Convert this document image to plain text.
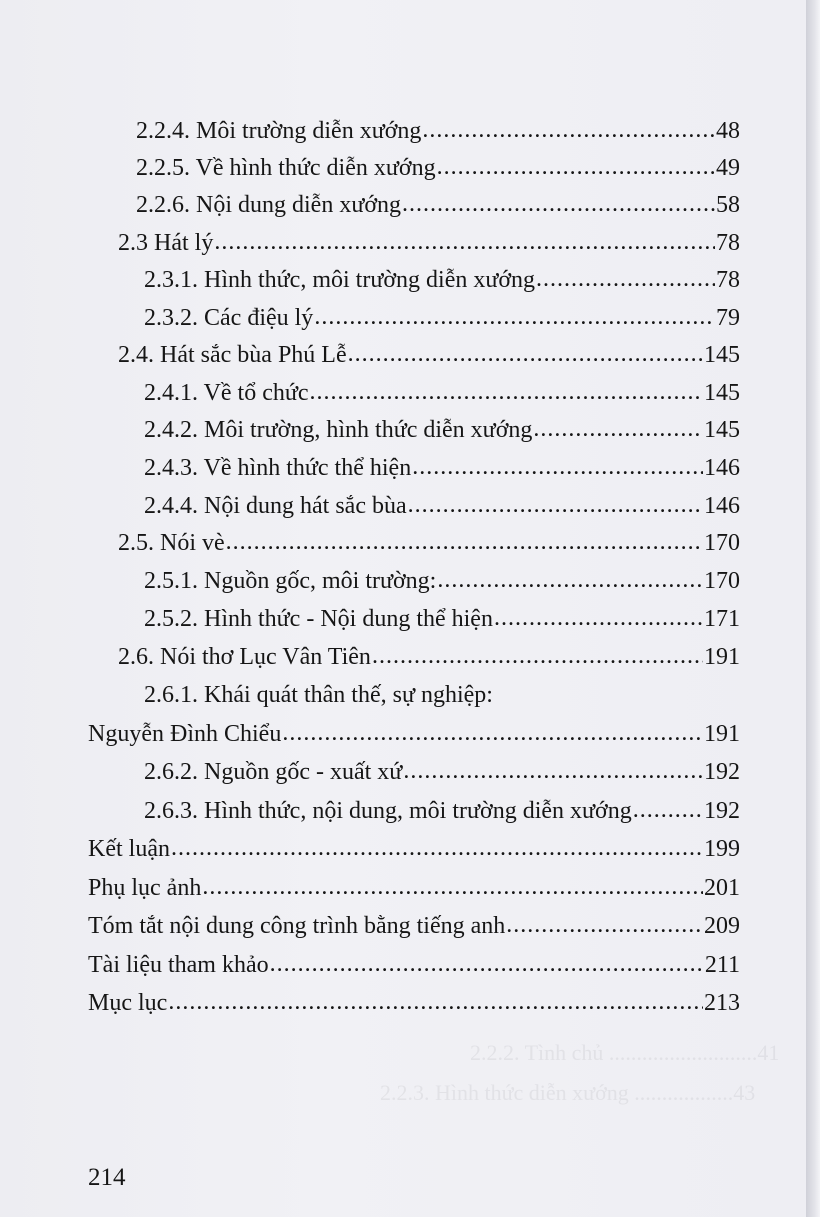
2.2.2. Tình chủ ...........................41
2.2.3. Hình thức diễn xướng ..................43
2.2.4. Môi trường diễn xướng .....	48
2.2.5. Về hình thức diễn xướng .....	49
2.2.6. Nội dung diễn xướng .....	58
2.3 Hát lý .....	78
2.3.1. Hình thức, môi trường diễn xướng .....	78
2.3.2. Các điệu lý .....	79
2.4. Hát sắc bùa Phú Lễ .....	145
2.4.1. Về tổ chức .....	145
2.4.2. Môi trường, hình thức diễn xướng .....	145
2.4.3. Về hình thức thể hiện .....	146
2.4.4. Nội dung hát sắc bùa .....	146
2.5. Nói vè .....	170
2.5.1. Nguồn gốc, môi trường: .....	170
2.5.2. Hình thức - Nội dung thể hiện .....	171
2.6. Nói thơ Lục Vân Tiên .....	191
2.6.1. Khái quát thân thế, sự nghiệp:
Nguyễn Đình Chiểu .....	191
2.6.2. Nguồn gốc - xuất xứ .....	192
2.6.3. Hình thức, nội dung, môi trường diễn xướng .....	192
Kết luận .....	199
Phụ lục ảnh .....	201
Tóm tắt nội dung công trình bằng tiếng anh .....	209
Tài liệu tham khảo .....	211
Mục lục .....	213
214
